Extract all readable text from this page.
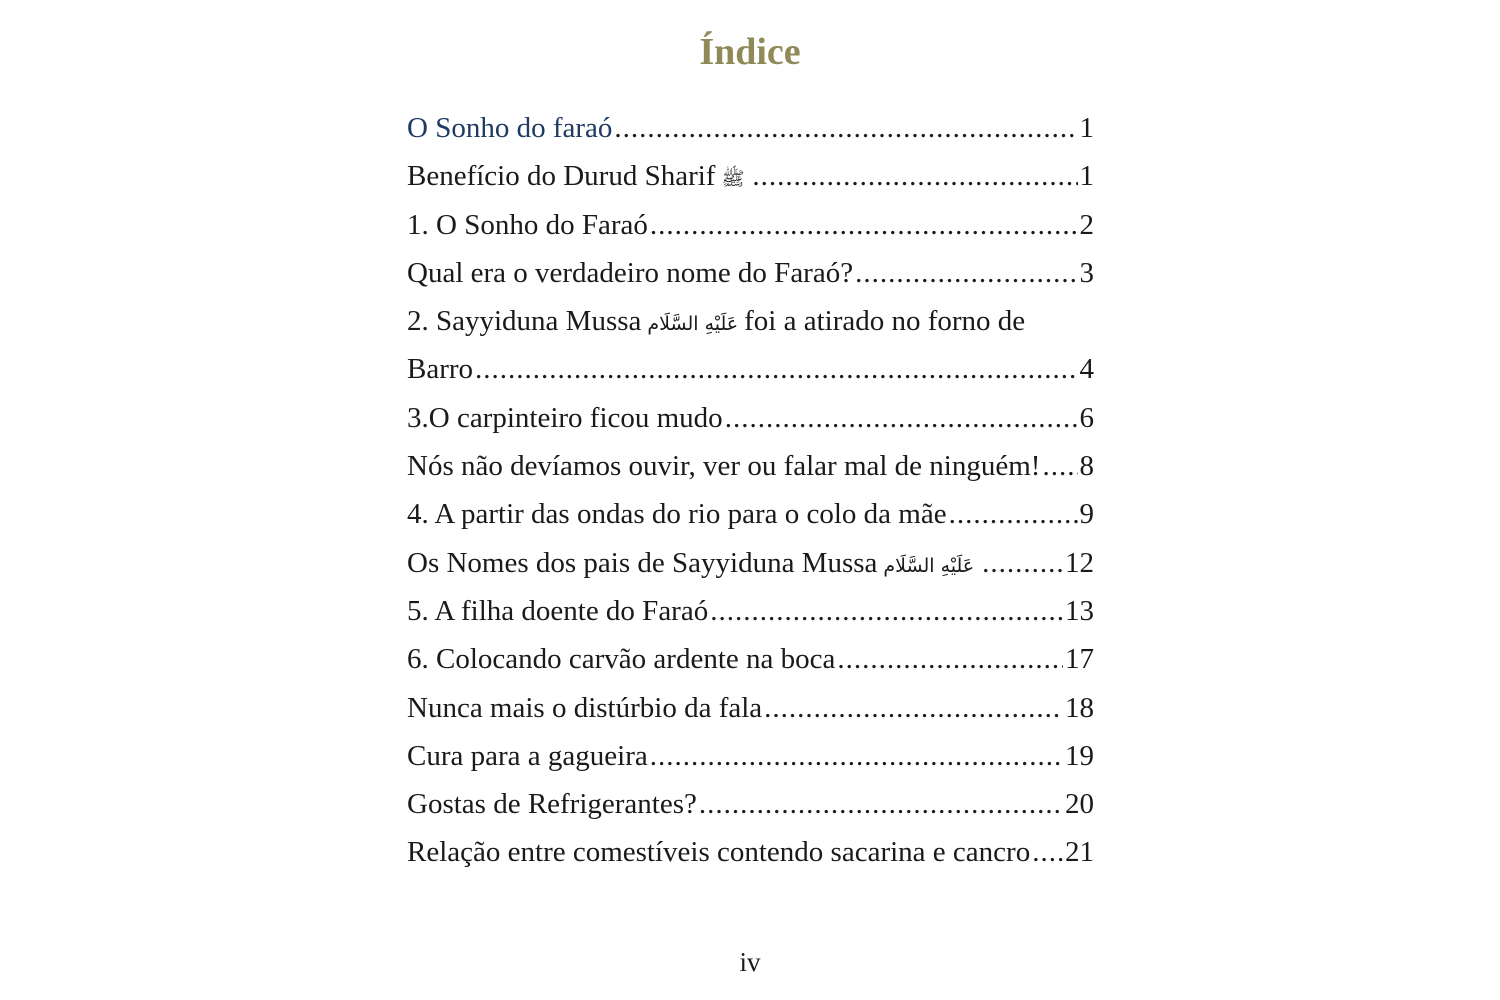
Índice
O Sonho do faraó .....	1
Benefício do Durud Sharif ﷺ .....	1
1. O Sonho do Faraó .....	2
Qual era o verdadeiro nome do Faraó? .....	3
2. Sayyiduna Mussa عَلَيْهِ السَّلَام foi a atirado no forno de
Barro .....	4
3.O carpinteiro ficou mudo .....	6
Nós não devíamos ouvir, ver ou falar mal de ninguém! ..... 8
4. A partir das ondas do rio para o colo da mãe .....	9
Os Nomes dos pais de Sayyiduna Mussa عَلَيْهِ السَّلَام .....	12
5. A filha doente do Faraó .....	13
6. Colocando carvão ardente na boca .....	17
Nunca mais o distúrbio da fala .....	18
Cura para a gagueira .....	19
Gostas de Refrigerantes? .....	20
Relação entre comestíveis contendo sacarina e cancro ..... 21
iv
